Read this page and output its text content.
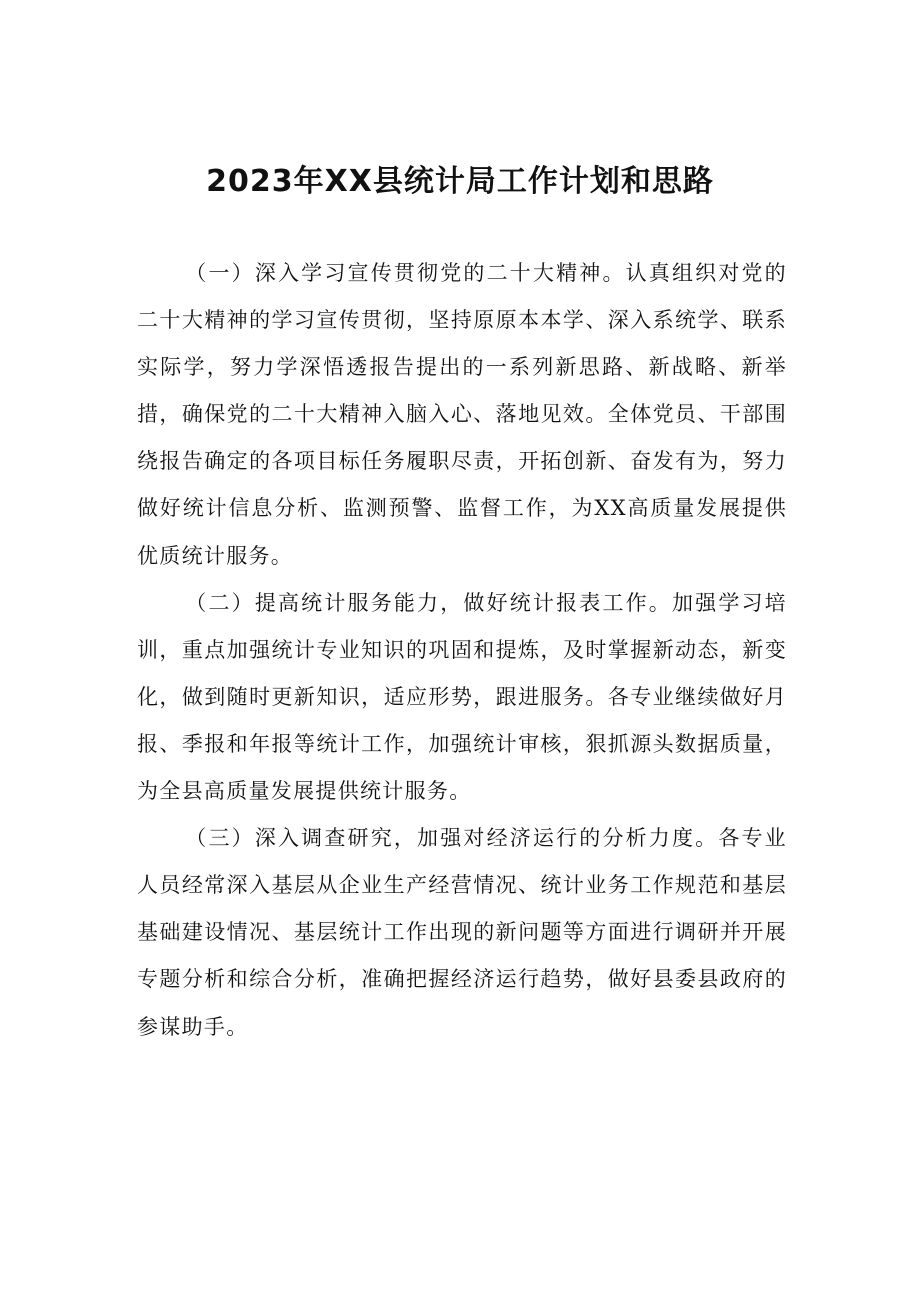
2023年XX县统计局工作计划和思路

（一）深入学习宣传贯彻党的二十大精神。认真组织对党的二十大精神的学习宣传贯彻，坚持原原本本学、深入系统学、联系实际学，努力学深悟透报告提出的一系列新思路、新战略、新举措，确保党的二十大精神入脑入心、落地见效。全体党员、干部围绕报告确定的各项目标任务履职尽责，开拓创新、奋发有为，努力做好统计信息分析、监测预警、监督工作，为XX高质量发展提供优质统计服务。

（二）提高统计服务能力，做好统计报表工作。加强学习培训，重点加强统计专业知识的巩固和提炼，及时掌握新动态，新变化，做到随时更新知识，适应形势，跟进服务。各专业继续做好月报、季报和年报等统计工作，加强统计审核，狠抓源头数据质量，为全县高质量发展提供统计服务。

（三）深入调查研究，加强对经济运行的分析力度。各专业人员经常深入基层从企业生产经营情况、统计业务工作规范和基层基础建设情况、基层统计工作出现的新问题等方面进行调研并开展专题分析和综合分析，准确把握经济运行趋势，做好县委县政府的参谋助手。
